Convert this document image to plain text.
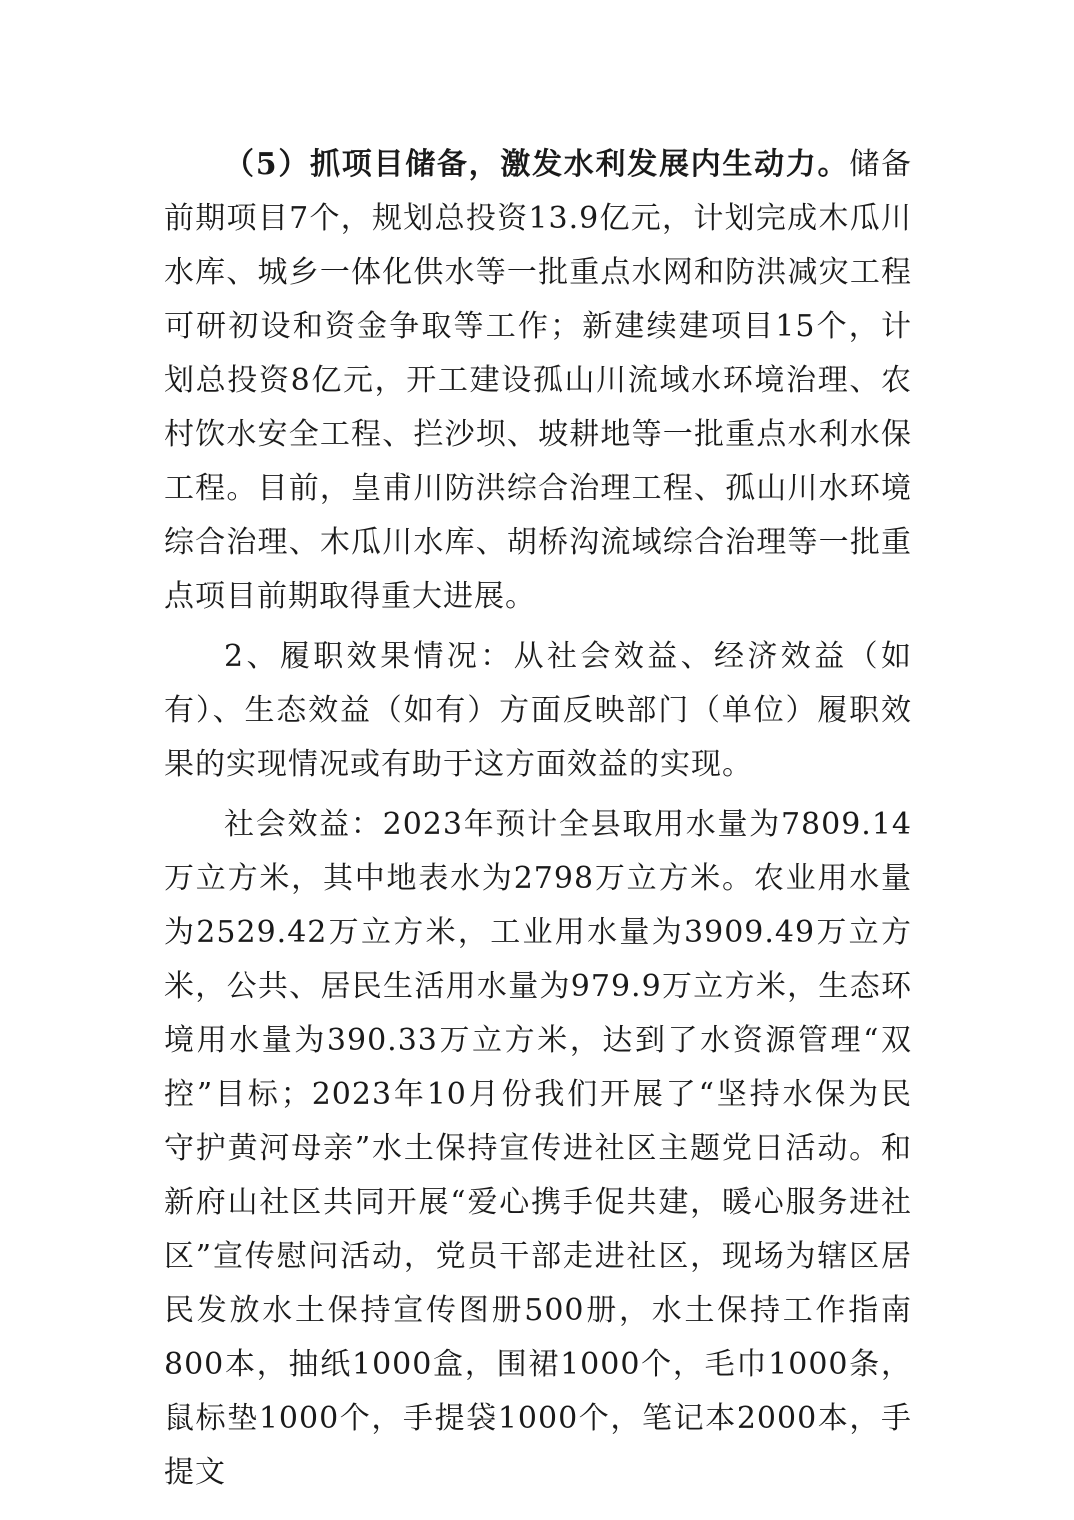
（5）抓项目储备，激发水利发展内生动力。储备前期项目7个，规划总投资13.9亿元，计划完成木瓜川水库、城乡一体化供水等一批重点水网和防洪减灾工程可研初设和资金争取等工作；新建续建项目15个，计划总投资8亿元，开工建设孤山川流域水环境治理、农村饮水安全工程、拦沙坝、坡耕地等一批重点水利水保工程。目前，皇甫川防洪综合治理工程、孤山川水环境综合治理、木瓜川水库、胡桥沟流域综合治理等一批重点项目前期取得重大进展。

2、履职效果情况：从社会效益、经济效益（如有）、生态效益（如有）方面反映部门（单位）履职效果的实现情况或有助于这方面效益的实现。

社会效益：2023年预计全县取用水量为7809.14万立方米，其中地表水为2798万立方米。农业用水量为2529.42万立方米，工业用水量为3909.49万立方米，公共、居民生活用水量为979.9万立方米，生态环境用水量为390.33万立方米，达到了水资源管理“双控”目标；2023年10月份我们开展了“坚持水保为民　守护黄河母亲”水土保持宣传进社区主题党日活动。和新府山社区共同开展“爱心携手促共建，暖心服务进社区”宣传慰问活动，党员干部走进社区，现场为辖区居民发放水土保持宣传图册500册，水土保持工作指南800本，抽纸1000盒，围裙1000个，毛巾1000条，鼠标垫1000个，手提袋1000个，笔记本2000本，手提文
